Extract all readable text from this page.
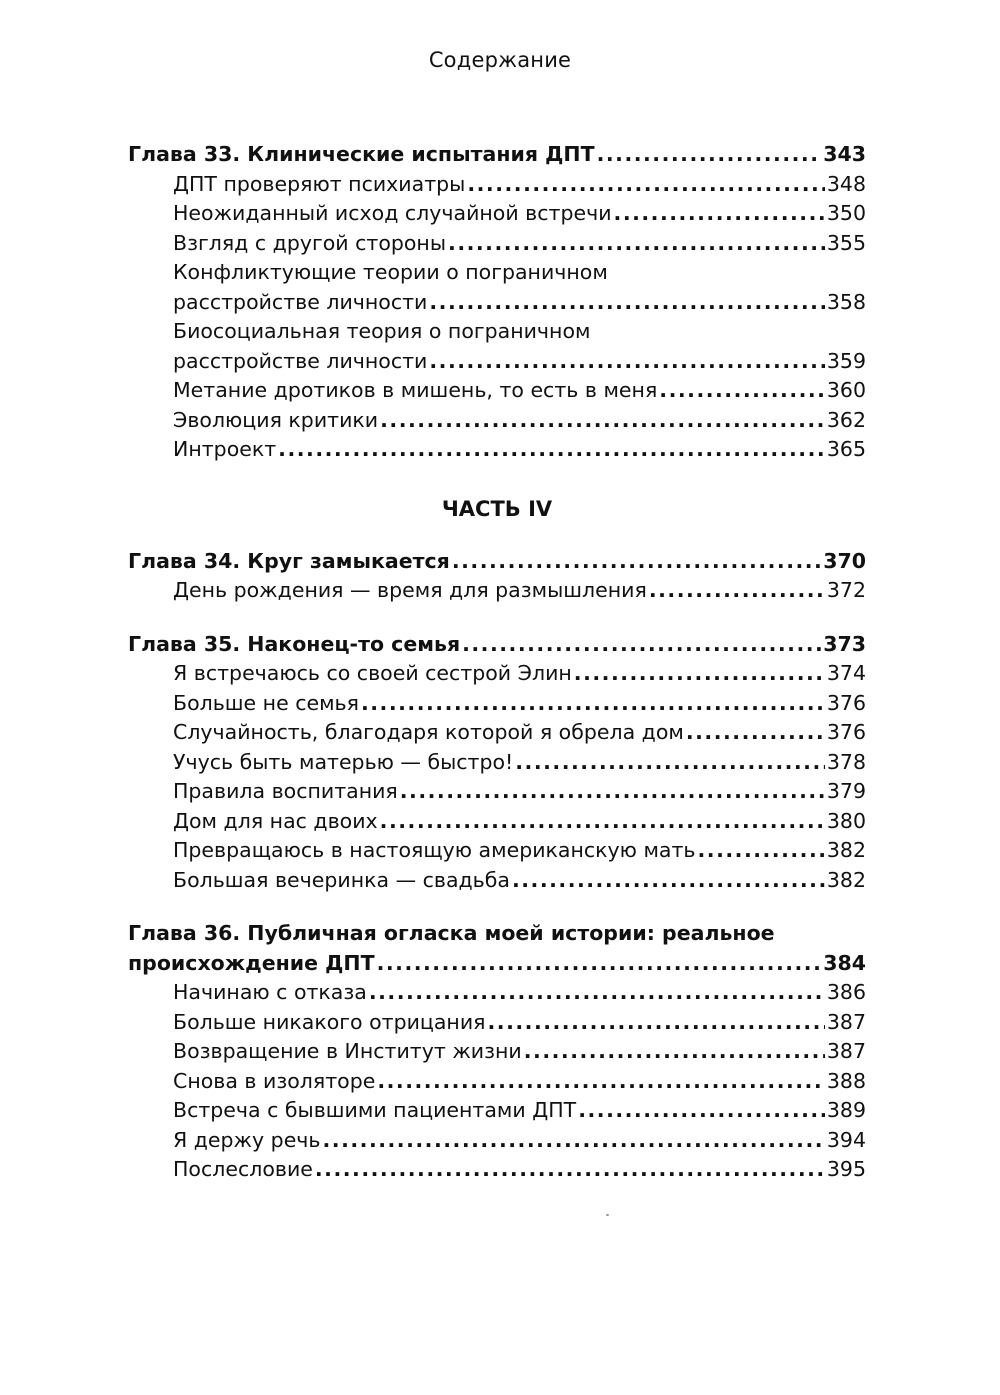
Содержание
Глава 33. Клинические испытания ДПТ .....	343
ДПТ проверяют психиатры .....	348
Неожиданный исход случайной встречи .....	350
Взгляд с другой стороны .....	355
Конфликтующие теории о пограничном
расстройстве личности .....	358
Биосоциальная теория о пограничном
расстройстве личности .....	359
Метание дротиков в мишень, то есть в меня .....	360
Эволюция критики .....	362
Интроект .....	365
ЧАСТЬ IV
Глава 34. Круг замыкается .....	370
День рождения — время для размышления .....	372
Глава 35. Наконец-то семья .....	373
Я встречаюсь со своей сестрой Элин .....	374
Больше не семья .....	376
Случайность, благодаря которой я обрела дом .....	376
Учусь быть матерью — быстро! .....	378
Правила воспитания .....	379
Дом для нас двоих .....	380
Превращаюсь в настоящую американскую мать .....	382
Большая вечеринка — свадьба .....	382
Глава 36. Публичная огласка моей истории: реальное
происхождение ДПТ .....	384
Начинаю с отказа .....	386
Больше никакого отрицания .....	387
Возвращение в Институт жизни .....	387
Снова в изоляторе .....	388
Встреча с бывшими пациентами ДПТ .....	389
Я держу речь .....	394
Послесловие .....	395
